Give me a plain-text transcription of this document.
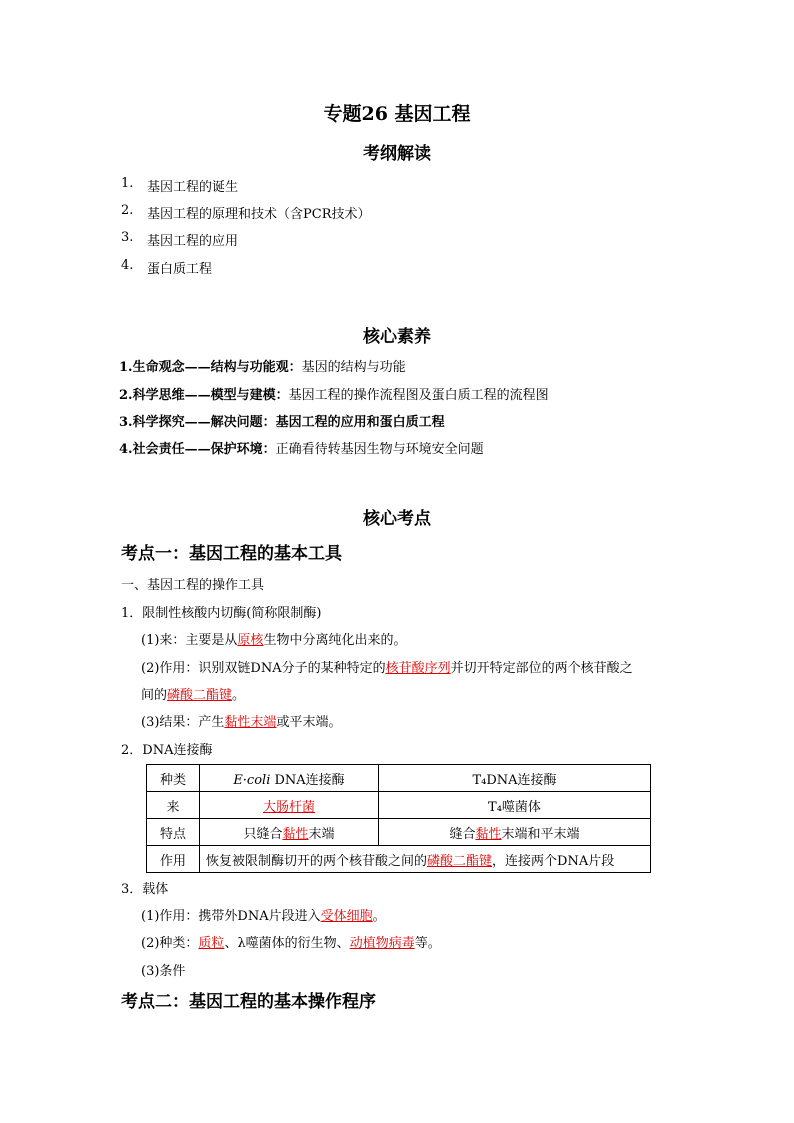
专题26 基因工程
考纲解读
1. 基因工程的诞生
2. 基因工程的原理和技术（含PCR技术）
3. 基因工程的应用
4. 蛋白质工程
核心素养
1.生命观念——结构与功能观：基因的结构与功能
2.科学思维——模型与建模：基因工程的操作流程图及蛋白质工程的流程图
3.科学探究——解决问题：基因工程的应用和蛋白质工程
4.社会责任——保护环境：正确看待转基因生物与环境安全问题
核心考点
考点一：基因工程的基本工具
一、基因工程的操作工具
1．限制性核酸内切酶(简称限制酶)
(1)来：主要是从原核生物中分离纯化出来的。
(2)作用：识别双链DNA分子的某种特定的核苷酸序列并切开特定部位的两个核苷酸之
间的磷酸二酯键。
(3)结果：产生黏性末端或平末端。
2．DNA连接酶
种类	E·coli DNA连接酶	T₄DNA连接酶
来	大肠杆菌	T₄噬菌体
特点	只缝合黏性末端	缝合黏性末端和平末端
作用	恢复被限制酶切开的两个核苷酸之间的磷酸二酯键，连接两个DNA片段	
3．载体
(1)作用：携带外DNA片段进入受体细胞。
(2)种类：质粒、λ噬菌体的衍生物、动植物病毒等。
(3)条件
考点二：基因工程的基本操作程序
